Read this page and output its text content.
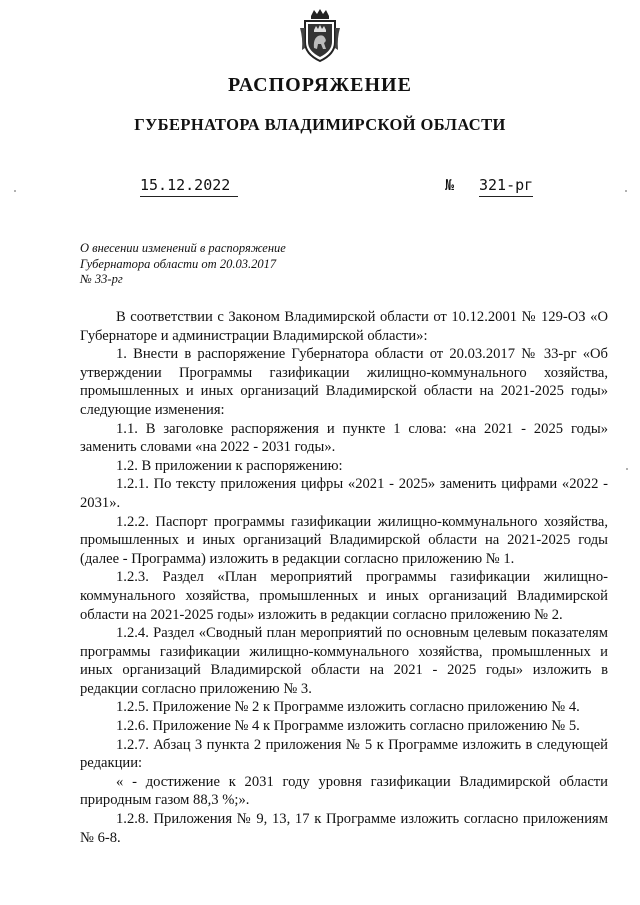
РАСПОРЯЖЕНИЕ
ГУБЕРНАТОРА ВЛАДИМИРСКОЙ ОБЛАСТИ
15.12.2022	№ 321-рг
О внесении изменений в распоряжение
Губернатора области от 20.03.2017
№ 33-рг

В соответствии с Законом Владимирской области от 10.12.2001 № 129-ОЗ «О Губернаторе и администрации Владимирской области»:

1. Внести в распоряжение Губернатора области от 20.03.2017 № 33-рг «Об утверждении Программы газификации жилищно-коммунального хозяйства, промышленных и иных организаций Владимирской области на 2021-2025 годы» следующие изменения:

1.1. В заголовке распоряжения и пункте 1 слова: «на 2021 - 2025 годы» заменить словами «на 2022 - 2031 годы».

1.2. В приложении к распоряжению:

1.2.1. По тексту приложения цифры «2021 - 2025» заменить цифрами «2022 - 2031».

1.2.2. Паспорт программы газификации жилищно-коммунального хозяйства, промышленных и иных организаций Владимирской области на 2021-2025 годы (далее - Программа) изложить в редакции согласно приложению № 1.

1.2.3. Раздел «План мероприятий программы газификации жилищно-коммунального хозяйства, промышленных и иных организаций Владимирской области на 2021-2025 годы» изложить в редакции согласно приложению № 2.

1.2.4. Раздел «Сводный план мероприятий по основным целевым показателям программы газификации жилищно-коммунального хозяйства, промышленных и иных организаций Владимирской области на 2021 - 2025 годы» изложить в редакции согласно приложению № 3.

1.2.5. Приложение № 2 к Программе изложить согласно приложению № 4.

1.2.6. Приложение № 4 к Программе изложить согласно приложению № 5.

1.2.7. Абзац 3 пункта 2 приложения № 5 к Программе изложить в следующей редакции:

« - достижение к 2031 году уровня газификации Владимирской области природным газом 88,3 %;».

1.2.8. Приложения № 9, 13, 17 к Программе изложить согласно приложениям № 6-8.
